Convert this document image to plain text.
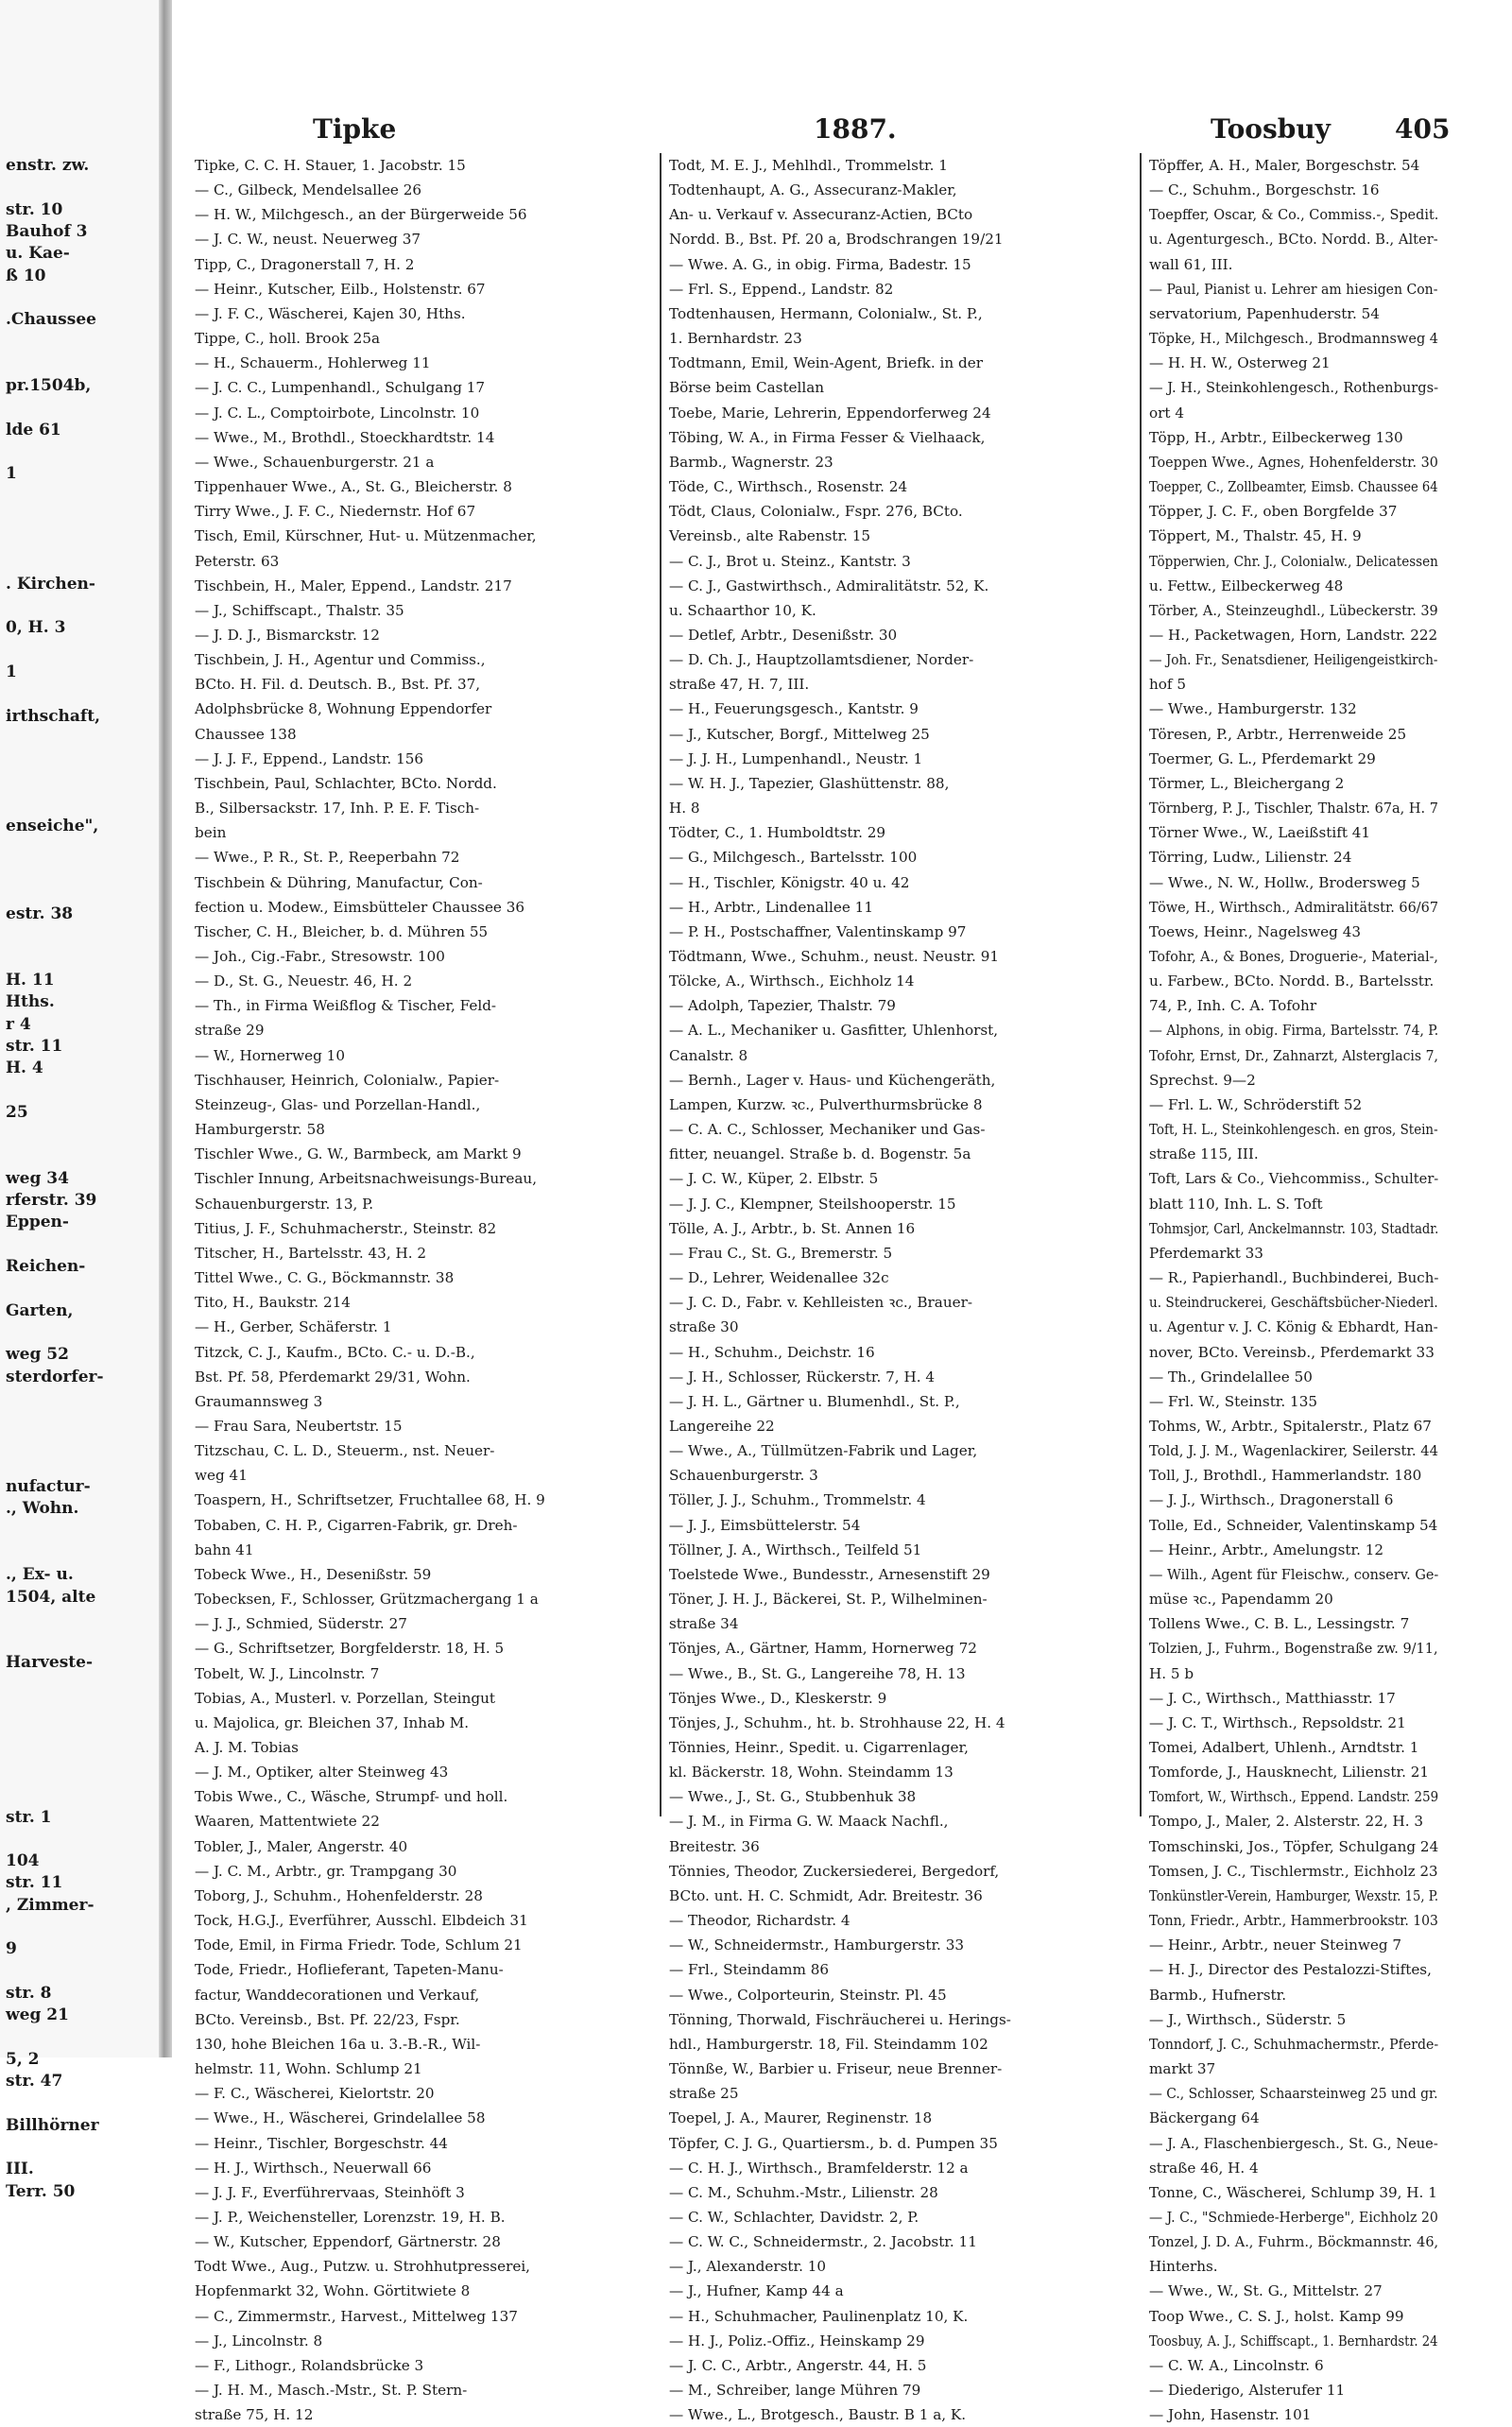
enstr. zw.
str. 10
Bauhof 3
u. Kae-
ß 10
.Chaussee
pr.1504b,
lde 61
1
. Kirchen-
0, H. 3
1
irthschaft,
enseiche",
estr. 38
H. 11
Hths.
r 4
str. 11
H. 4
25
weg 34
rferstr. 39
Eppen-
Reichen-
Garten,
weg 52
sterdorfer-
nufactur-
., Wohn.
., Ex- u.
1504, alte
Harveste-
str. 1
104
str. 11
, Zimmer-
9
str. 8
weg 21
5, 2
str. 47
Billhörner
III.
Terr. 50
Tipke	1887.	Toosbuy 405
Tipke, C. C. H. Stauer, 1. Jacobstr. 15
— C., Gilbeck, Mendelsallee 26
— H. W., Milchgesch., an der Bürgerweide 56
— J. C. W., neust. Neuerweg 37
Tipp, C., Dragonerstall 7, H. 2
— Heinr., Kutscher, Eilb., Holstenstr. 67
— J. F. C., Wäscherei, Kajen 30, Hths.
Tippe, C., holl. Brook 25a
— H., Schauerm., Hohlerweg 11
— J. C. C., Lumpenhandl., Schulgang 17
— J. C. L., Comptoirbote, Lincolnstr. 10
— Wwe., M., Brothdl., Stoeckhardtstr. 14
— Wwe., Schauenburgerstr. 21 a
Tippenhauer Wwe., A., St. G., Bleicherstr. 8
Tirry Wwe., J. F. C., Niedernstr. Hof 67
Tisch, Emil, Kürschner, Hut- u. Mützenmacher,
Peterstr. 63
Tischbein, H., Maler, Eppend., Landstr. 217
— J., Schiffscapt., Thalstr. 35
— J. D. J., Bismarckstr. 12
Tischbein, J. H., Agentur und Commiss.,
BCto. H. Fil. d. Deutsch. B., Bst. Pf. 37,
Adolphsbrücke 8, Wohnung Eppendorfer
Chaussee 138
— J. J. F., Eppend., Landstr. 156
Tischbein, Paul, Schlachter, BCto. Nordd.
B., Silbersackstr. 17, Inh. P. E. F. Tisch-
bein
— Wwe., P. R., St. P., Reeperbahn 72
Tischbein & Dühring, Manufactur, Con-
fection u. Modew., Eimsbütteler Chaussee 36
Tischer, C. H., Bleicher, b. d. Mühren 55
— Joh., Cig.-Fabr., Stresowstr. 100
— D., St. G., Neuestr. 46, H. 2
— Th., in Firma Weißflog & Tischer, Feld-
straße 29
— W., Hornerweg 10
Tischhauser, Heinrich, Colonialw., Papier-
Steinzeug-, Glas- und Porzellan-Handl.,
Hamburgerstr. 58
Tischler Wwe., G. W., Barmbeck, am Markt 9
Tischler Innung, Arbeitsnachweisungs-Bureau,
Schauenburgerstr. 13, P.
Titius, J. F., Schuhmacherstr., Steinstr. 82
Titscher, H., Bartelsstr. 43, H. 2
Tittel Wwe., C. G., Böckmannstr. 38
Tito, H., Baukstr. 214
— H., Gerber, Schäferstr. 1
Titzck, C. J., Kaufm., BCto. C.- u. D.-B.,
Bst. Pf. 58, Pferdemarkt 29/31, Wohn.
Graumannsweg 3
— Frau Sara, Neubertstr. 15
Titzschau, C. L. D., Steuerm., nst. Neuer-
weg 41
Toaspern, H., Schriftsetzer, Fruchtallee 68, H. 9
Tobaben, C. H. P., Cigarren-Fabrik, gr. Dreh-
bahn 41
Tobeck Wwe., H., Desenißstr. 59
Tobecksen, F., Schlosser, Grützmachergang 1 a
— J. J., Schmied, Süderstr. 27
— G., Schriftsetzer, Borgfelderstr. 18, H. 5
Tobelt, W. J., Lincolnstr. 7
Tobias, A., Musterl. v. Porzellan, Steingut
u. Majolica, gr. Bleichen 37, Inhab M.
A. J. M. Tobias
— J. M., Optiker, alter Steinweg 43
Tobis Wwe., C., Wäsche, Strumpf- und holl.
Waaren, Mattentwiete 22
Tobler, J., Maler, Angerstr. 40
— J. C. M., Arbtr., gr. Trampgang 30
Toborg, J., Schuhm., Hohenfelderstr. 28
Tock, H.G.J., Everführer, Ausschl. Elbdeich 31
Tode, Emil, in Firma Friedr. Tode, Schlum 21
Tode, Friedr., Hoflieferant, Tapeten-Manu-
factur, Wanddecorationen und Verkauf,
BCto. Vereinsb., Bst. Pf. 22/23, Fspr.
130, hohe Bleichen 16a u. 3.-B.-R., Wil-
helmstr. 11, Wohn. Schlump 21
— F. C., Wäscherei, Kielortstr. 20
— Wwe., H., Wäscherei, Grindelallee 58
— Heinr., Tischler, Borgeschstr. 44
— H. J., Wirthsch., Neuerwall 66
— J. J. F., Everführervaas, Steinhöft 3
— J. P., Weichensteller, Lorenzstr. 19, H. B.
— W., Kutscher, Eppendorf, Gärtnerstr. 28
Todt Wwe., Aug., Putzw. u. Strohhutpresserei,
Hopfenmarkt 32, Wohn. Görtitwiete 8
— C., Zimmermstr., Harvest., Mittelweg 137
— J., Lincolnstr. 8
— F., Lithogr., Rolandsbrücke 3
— J. H. M., Masch.-Mstr., St. P. Stern-
straße 75, H. 12
Todt, M. E. J., Mehlhdl., Trommelstr. 1
Todtenhaupt, A. G., Assecuranz-Makler,
An- u. Verkauf v. Assecuranz-Actien, BCto
Nordd. B., Bst. Pf. 20 a, Brodschrangen 19/21
— Wwe. A. G., in obig. Firma, Badestr. 15
— Frl. S., Eppend., Landstr. 82
Todtenhausen, Hermann, Colonialw., St. P.,
1. Bernhardstr. 23
Todtmann, Emil, Wein-Agent, Briefk. in der
Börse beim Castellan
Toebe, Marie, Lehrerin, Eppendorferweg 24
Töbing, W. A., in Firma Fesser & Vielhaack,
Barmb., Wagnerstr. 23
Töde, C., Wirthsch., Rosenstr. 24
Tödt, Claus, Colonialw., Fspr. 276, BCto.
Vereinsb., alte Rabenstr. 15
— C. J., Brot u. Steinz., Kantstr. 3
— C. J., Gastwirthsch., Admiralitätstr. 52, K.
u. Schaarthor 10, K.
— Detlef, Arbtr., Desenißstr. 30
— D. Ch. J., Hauptzollamtsdiener, Norder-
straße 47, H. 7, III.
— H., Feuerungsgesch., Kantstr. 9
— J., Kutscher, Borgf., Mittelweg 25
— J. J. H., Lumpenhandl., Neustr. 1
— W. H. J., Tapezier, Glashüttenstr. 88,
H. 8
Tödter, C., 1. Humboldtstr. 29
— G., Milchgesch., Bartelsstr. 100
— H., Tischler, Königstr. 40 u. 42
— H., Arbtr., Lindenallee 11
— P. H., Postschaffner, Valentinskamp 97
Tödtmann, Wwe., Schuhm., neust. Neustr. 91
Tölcke, A., Wirthsch., Eichholz 14
— Adolph, Tapezier, Thalstr. 79
— A. L., Mechaniker u. Gasfitter, Uhlenhorst,
Canalstr. 8
— Bernh., Lager v. Haus- und Küchengeräth,
Lampen, Kurzw. ꝛc., Pulverthurmsbrücke 8
— C. A. C., Schlosser, Mechaniker und Gas-
fitter, neuangel. Straße b. d. Bogenstr. 5a
— J. C. W., Küper, 2. Elbstr. 5
— J. J. C., Klempner, Steilshooperstr. 15
Tölle, A. J., Arbtr., b. St. Annen 16
— Frau C., St. G., Bremerstr. 5
— D., Lehrer, Weidenallee 32c
— J. C. D., Fabr. v. Kehlleisten ꝛc., Brauer-
straße 30
— H., Schuhm., Deichstr. 16
— J. H., Schlosser, Rückerstr. 7, H. 4
— J. H. L., Gärtner u. Blumenhdl., St. P.,
Langereihe 22
— Wwe., A., Tüllmützen-Fabrik und Lager,
Schauenburgerstr. 3
Töller, J. J., Schuhm., Trommelstr. 4
— J. J., Eimsbüttelerstr. 54
Töllner, J. A., Wirthsch., Teilfeld 51
Toelstede Wwe., Bundesstr., Arnesenstift 29
Töner, J. H. J., Bäckerei, St. P., Wilhelminen-
straße 34
Tönjes, A., Gärtner, Hamm, Hornerweg 72
— Wwe., B., St. G., Langereihe 78, H. 13
Tönjes Wwe., D., Kleskerstr. 9
Tönjes, J., Schuhm., ht. b. Strohhause 22, H. 4
Tönnies, Heinr., Spedit. u. Cigarrenlager,
kl. Bäckerstr. 18, Wohn. Steindamm 13
— Wwe., J., St. G., Stubbenhuk 38
— J. M., in Firma G. W. Maack Nachfl.,
Breitestr. 36
Tönnies, Theodor, Zuckersiederei, Bergedorf,
BCto. unt. H. C. Schmidt, Adr. Breitestr. 36
— Theodor, Richardstr. 4
— W., Schneidermstr., Hamburgerstr. 33
— Frl., Steindamm 86
— Wwe., Colporteurin, Steinstr. Pl. 45
Tönning, Thorwald, Fischräucherei u. Herings-
hdl., Hamburgerstr. 18, Fil. Steindamm 102
Tönnße, W., Barbier u. Friseur, neue Brenner-
straße 25
Toepel, J. A., Maurer, Reginenstr. 18
Töpfer, C. J. G., Quartiersm., b. d. Pumpen 35
— C. H. J., Wirthsch., Bramfelderstr. 12 a
— C. M., Schuhm.-Mstr., Lilienstr. 28
— C. W., Schlachter, Davidstr. 2, P.
— C. W. C., Schneidermstr., 2. Jacobstr. 11
— J., Alexanderstr. 10
— J., Hufner, Kamp 44 a
— H., Schuhmacher, Paulinenplatz 10, K.
— H. J., Poliz.-Offiz., Heinskamp 29
— J. C. C., Arbtr., Angerstr. 44, H. 5
— M., Schreiber, lange Mühren 79
— Wwe., L., Brotgesch., Baustr. B 1 a, K.
Töpffer, A. H., Maler, Borgeschstr. 54
— C., Schuhm., Borgeschstr. 16
Toepffer, Oscar, & Co., Commiss.-, Spedit.
u. Agenturgesch., BCto. Nordd. B., Alter-
wall 61, III.
— Paul, Pianist u. Lehrer am hiesigen Con-
servatorium, Papenhuderstr. 54
Töpke, H., Milchgesch., Brodmannsweg 4
— H. H. W., Osterweg 21
— J. H., Steinkohlengesch., Rothenburgs-
ort 4
Töpp, H., Arbtr., Eilbeckerweg 130
Toeppen Wwe., Agnes, Hohenfelderstr. 30
Toepper, C., Zollbeamter, Eimsb. Chaussee 64
Töpper, J. C. F., oben Borgfelde 37
Töppert, M., Thalstr. 45, H. 9
Töpperwien, Chr. J., Colonialw., Delicatessen
u. Fettw., Eilbeckerweg 48
Törber, A., Steinzeughdl., Lübeckerstr. 39
— H., Packetwagen, Horn, Landstr. 222
— Joh. Fr., Senatsdiener, Heiligengeistkirch-
hof 5
— Wwe., Hamburgerstr. 132
Töresen, P., Arbtr., Herrenweide 25
Toermer, G. L., Pferdemarkt 29
Törmer, L., Bleichergang 2
Törnberg, P. J., Tischler, Thalstr. 67a, H. 7
Törner Wwe., W., Laeißstift 41
Törring, Ludw., Lilienstr. 24
— Wwe., N. W., Hollw., Brodersweg 5
Töwe, H., Wirthsch., Admiralitätstr. 66/67
Toews, Heinr., Nagelsweg 43
Tofohr, A., & Bones, Droguerie-, Material-,
u. Farbew., BCto. Nordd. B., Bartelsstr.
74, P., Inh. C. A. Tofohr
— Alphons, in obig. Firma, Bartelsstr. 74, P.
Tofohr, Ernst, Dr., Zahnarzt, Alsterglacis 7,
Sprechst. 9—2
— Frl. L. W., Schröderstift 52
Toft, H. L., Steinkohlengesch. en gros, Stein-
straße 115, III.
Toft, Lars & Co., Viehcommiss., Schulter-
blatt 110, Inh. L. S. Toft
Tohmsjor, Carl, Anckelmannstr. 103, Stadtadr.
Pferdemarkt 33
— R., Papierhandl., Buchbinderei, Buch-
u. Steindruckerei, Geschäftsbücher-Niederl.
u. Agentur v. J. C. König & Ebhardt, Han-
nover, BCto. Vereinsb., Pferdemarkt 33
— Th., Grindelallee 50
— Frl. W., Steinstr. 135
Tohms, W., Arbtr., Spitalerstr., Platz 67
Told, J. J. M., Wagenlackirer, Seilerstr. 44
Toll, J., Brothdl., Hammerlandstr. 180
— J. J., Wirthsch., Dragonerstall 6
Tolle, Ed., Schneider, Valentinskamp 54
— Heinr., Arbtr., Amelungstr. 12
— Wilh., Agent für Fleischw., conserv. Ge-
müse ꝛc., Papendamm 20
Tollens Wwe., C. B. L., Lessingstr. 7
Tolzien, J., Fuhrm., Bogenstraße zw. 9/11,
H. 5 b
— J. C., Wirthsch., Matthiasstr. 17
— J. C. T., Wirthsch., Repsoldstr. 21
Tomei, Adalbert, Uhlenh., Arndtstr. 1
Tomforde, J., Hausknecht, Lilienstr. 21
Tomfort, W., Wirthsch., Eppend. Landstr. 259
Tompo, J., Maler, 2. Alsterstr. 22, H. 3
Tomschinski, Jos., Töpfer, Schulgang 24
Tomsen, J. C., Tischlermstr., Eichholz 23
Tonkünstler-Verein, Hamburger, Wexstr. 15, P.
Tonn, Friedr., Arbtr., Hammerbrookstr. 103
— Heinr., Arbtr., neuer Steinweg 7
— H. J., Director des Pestalozzi-Stiftes,
Barmb., Hufnerstr.
— J., Wirthsch., Süderstr. 5
Tonndorf, J. C., Schuhmachermstr., Pferde-
markt 37
— C., Schlosser, Schaarsteinweg 25 und gr.
Bäckergang 64
— J. A., Flaschenbiergesch., St. G., Neue-
straße 46, H. 4
Tonne, C., Wäscherei, Schlump 39, H. 1
— J. C., "Schmiede-Herberge", Eichholz 20
Tonzel, J. D. A., Fuhrm., Böckmannstr. 46,
Hinterhs.
— Wwe., W., St. G., Mittelstr. 27
Toop Wwe., C. S. J., holst. Kamp 99
Toosbuy, A. J., Schiffscapt., 1. Bernhardstr. 24
— C. W. A., Lincolnstr. 6
— Diederigo, Alsterufer 11
— John, Hasenstr. 101
